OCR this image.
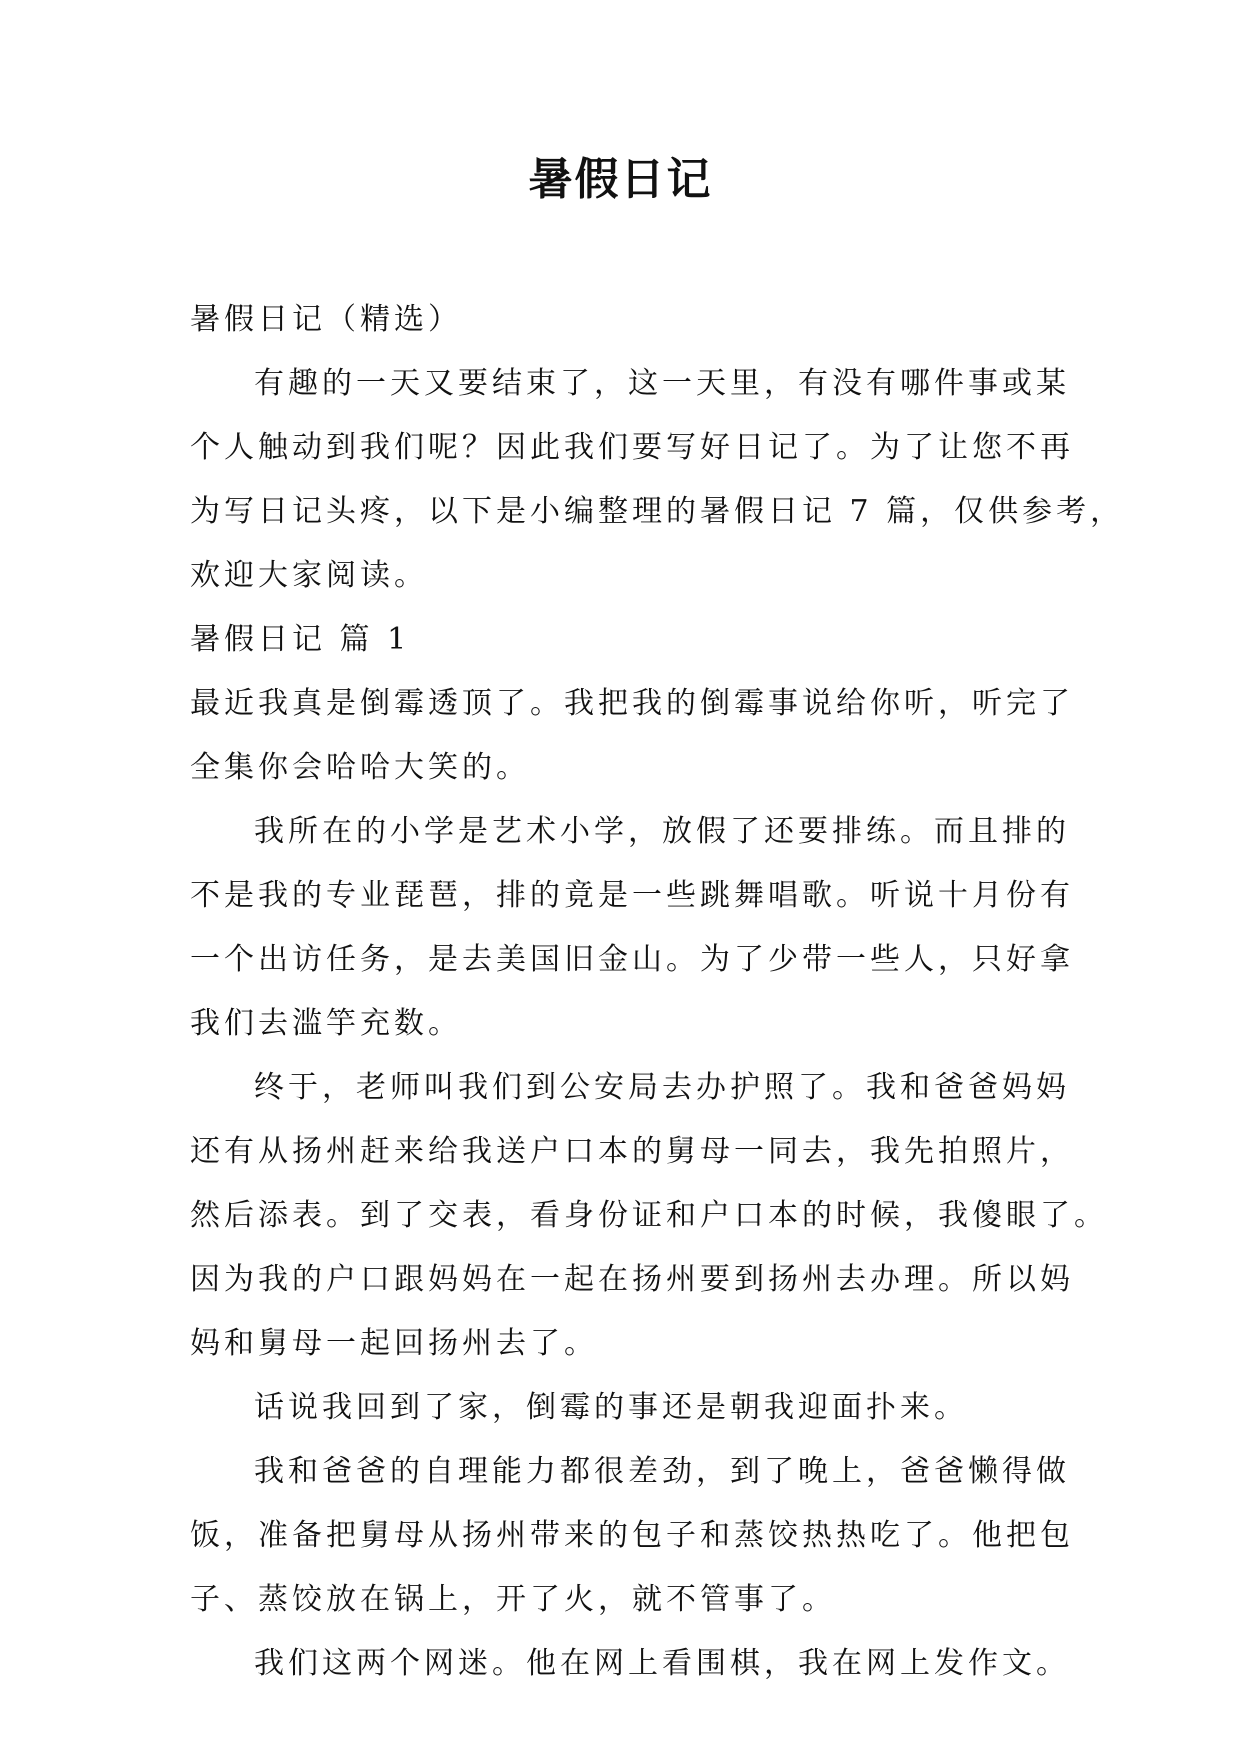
暑假日记
暑假日记（精选）
有趣的一天又要结束了，这一天里，有没有哪件事或某
个人触动到我们呢？因此我们要写好日记了。为了让您不再
为写日记头疼，以下是小编整理的暑假日记 7 篇，仅供参考，
欢迎大家阅读。
暑假日记 篇 1
最近我真是倒霉透顶了。我把我的倒霉事说给你听，听完了
全集你会哈哈大笑的。
我所在的小学是艺术小学，放假了还要排练。而且排的
不是我的专业琵琶，排的竟是一些跳舞唱歌。听说十月份有
一个出访任务，是去美国旧金山。为了少带一些人，只好拿
我们去滥竽充数。
终于，老师叫我们到公安局去办护照了。我和爸爸妈妈
还有从扬州赶来给我送户口本的舅母一同去，我先拍照片，
然后添表。到了交表，看身份证和户口本的时候，我傻眼了。
因为我的户口跟妈妈在一起在扬州要到扬州去办理。所以妈
妈和舅母一起回扬州去了。
话说我回到了家，倒霉的事还是朝我迎面扑来。
我和爸爸的自理能力都很差劲，到了晚上，爸爸懒得做
饭，准备把舅母从扬州带来的包子和蒸饺热热吃了。他把包
子、蒸饺放在锅上，开了火，就不管事了。
我们这两个网迷。他在网上看围棋，我在网上发作文。
